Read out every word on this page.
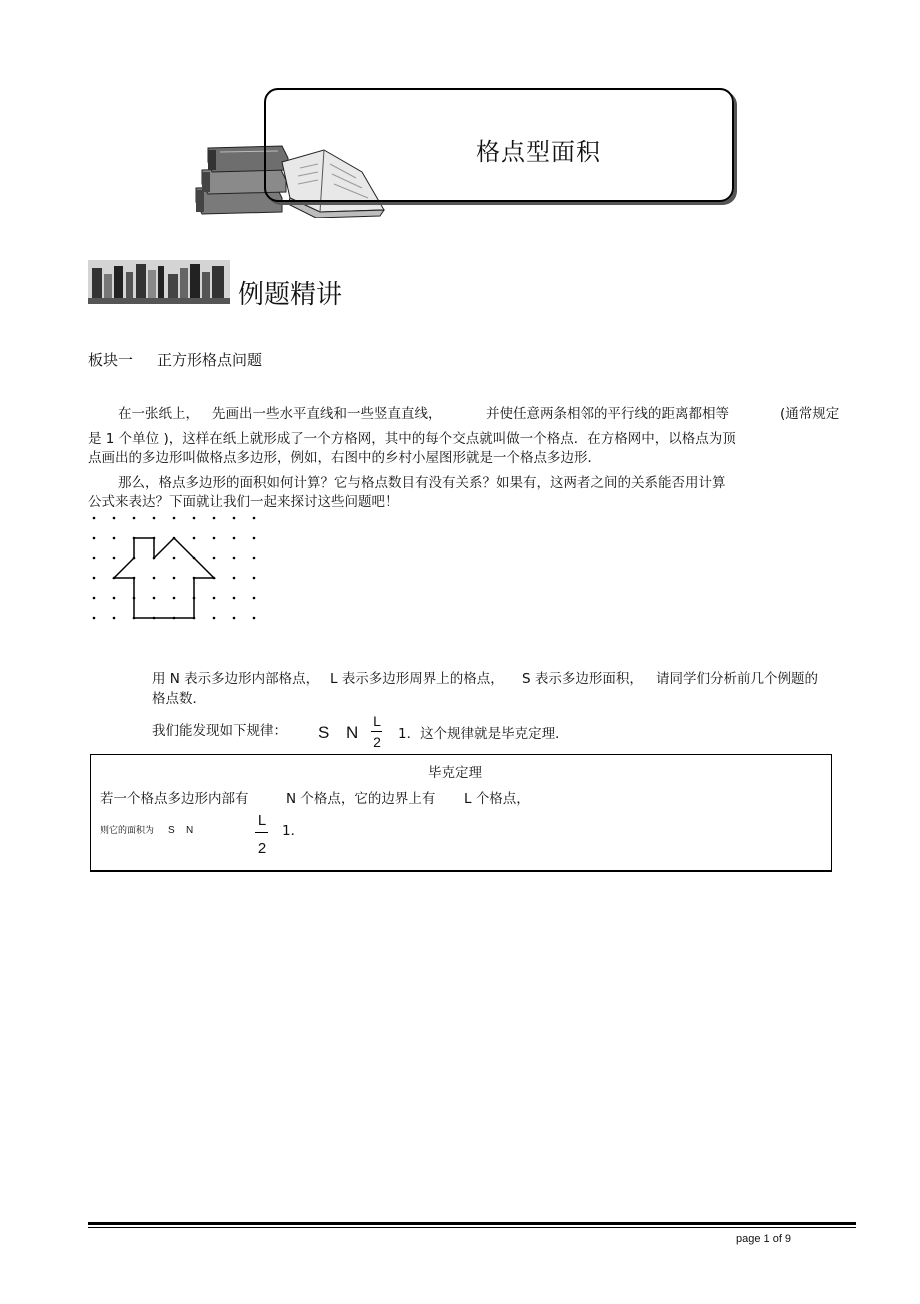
格点型面积
例题精讲
板块一 正方形格点问题
在一张纸上， 先画出一些水平直线和一些竖直直线，	并使任意两条相邻的平行线的距离都相等	(通常规定
是 1 个单位 )，这样在纸上就形成了一个方格网，其中的每个交点就叫做一个格点．在方格网中，以格点为顶
点画出的多边形叫做格点多边形，例如，右图中的乡村小屋图形就是一个格点多边形．
那么，格点多边形的面积如何计算？它与格点数目有没有关系？如果有，这两者之间的关系能否用计算
公式来表达？下面就让我们一起来探讨这些问题吧！
用 N 表示多边形内部格点， L 表示多边形周界上的格点， S 表示多边形面积， 请同学们分析前几个例题的
格点数．
我们能发现如下规律： S N
L
2 1．这个规律就是毕克定理．
毕克定理
若一个格点多边形内部有	N 个格点，它的边界上有 L 个格点，
则它的面积为 S N
L
2
1．
page 1 of 9
